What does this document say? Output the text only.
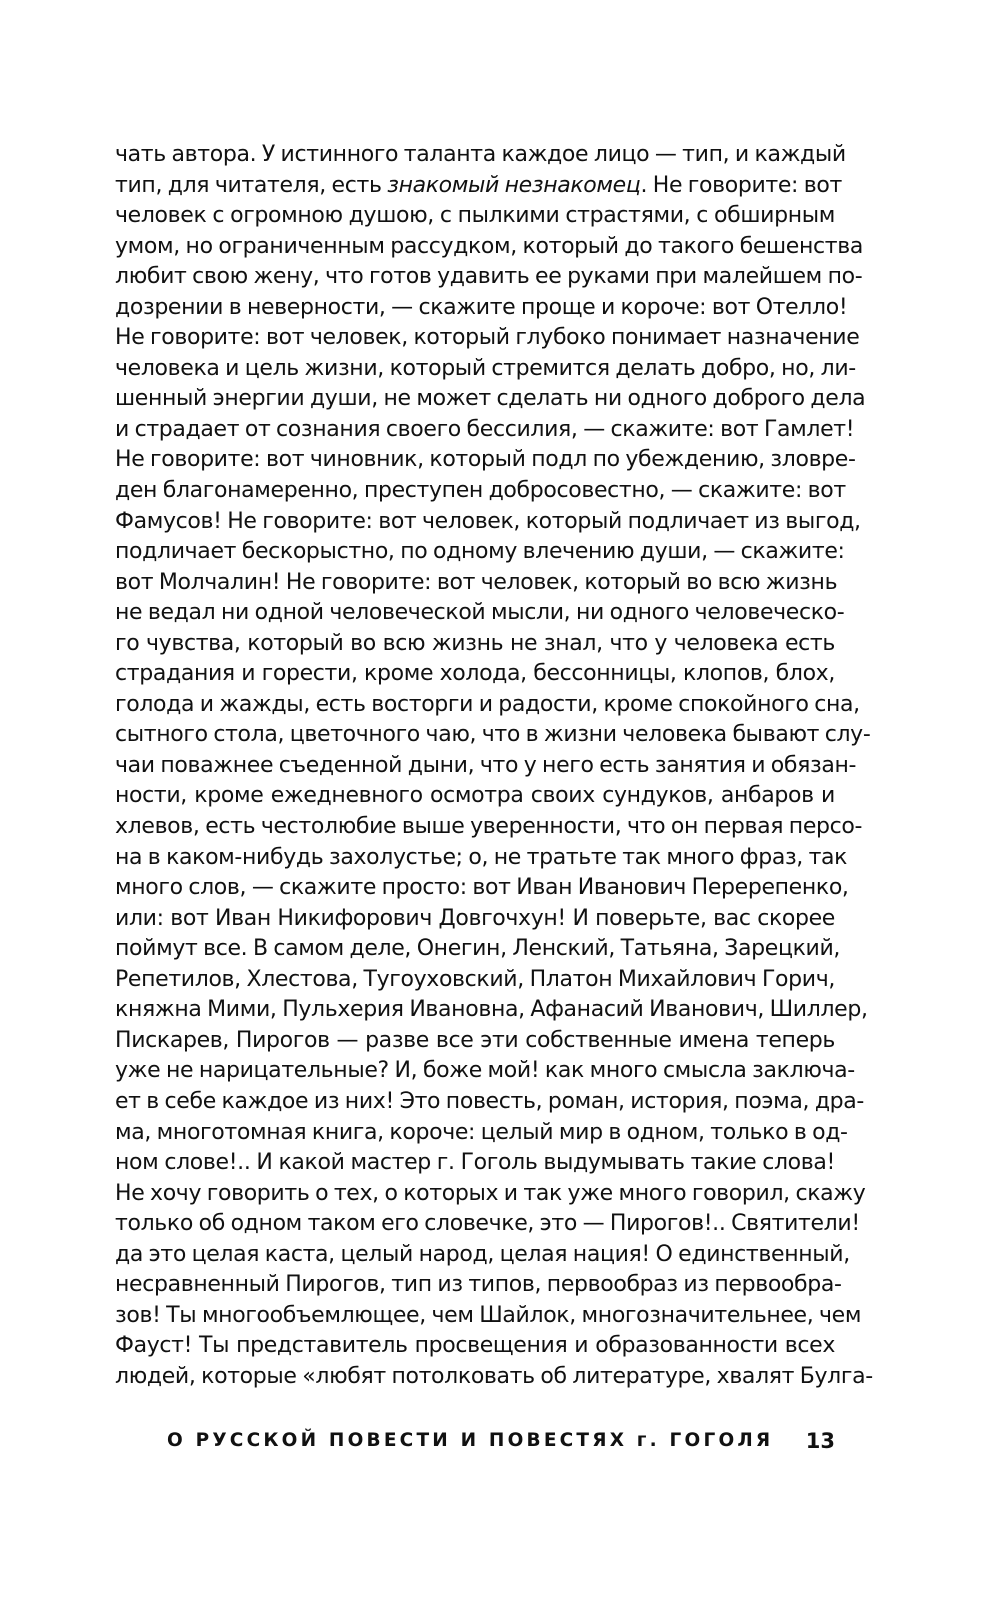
чать автора. У истинного таланта каждое лицо — тип, и каждый
тип, для читателя, есть знакомый незнакомец. Не говорите: вот
человек с огромною душою, с пылкими страстями, с обширным
умом, но ограниченным рассудком, который до такого бешенства
любит свою жену, что готов удавить ее руками при малейшем по-
дозрении в неверности, — скажите проще и короче: вот Отелло!
Не говорите: вот человек, который глубоко понимает назначение
человека и цель жизни, который стремится делать добро, но, ли-
шенный энергии души, не может сделать ни одного доброго дела
и страдает от сознания своего бессилия, — скажите: вот Гамлет!
Не говорите: вот чиновник, который подл по убеждению, зловре-
ден благонамеренно, преступен добросовестно, — скажите: вот
Фамусов! Не говорите: вот человек, который подличает из выгод,
подличает бескорыстно, по одному влечению души, — скажите:
вот Молчалин! Не говорите: вот человек, который во всю жизнь
не ведал ни одной человеческой мысли, ни одного человеческо-
го чувства, который во всю жизнь не знал, что у человека есть
страдания и горести, кроме холода, бессонницы, клопов, блох,
голода и жажды, есть восторги и радости, кроме спокойного сна,
сытного стола, цветочного чаю, что в жизни человека бывают слу-
чаи поважнее съеденной дыни, что у него есть занятия и обязан-
ности, кроме ежедневного осмотра своих сундуков, анбаров и
хлевов, есть честолюбие выше уверенности, что он первая персо-
на в каком-нибудь захолустье; о, не тратьте так много фраз, так
много слов, — скажите просто: вот Иван Иванович Перерепенко,
или: вот Иван Никифорович Довгочхун! И поверьте, вас скорее
поймут все. В самом деле, Онегин, Ленский, Татьяна, Зарецкий,
Репетилов, Хлестова, Тугоуховский, Платон Михайлович Горич,
княжна Мими, Пульхерия Ивановна, Афанасий Иванович, Шиллер,
Пискарев, Пирогов — разве все эти собственные имена теперь
уже не нарицательные? И, боже мой! как много смысла заключа-
ет в себе каждое из них! Это повесть, роман, история, поэма, дра-
ма, многотомная книга, короче: целый мир в одном, только в од-
ном слове!.. И какой мастер г. Гоголь выдумывать такие слова!
Не хочу говорить о тех, о которых и так уже много говорил, скажу
только об одном таком его словечке, это — Пирогов!.. Святители!
да это целая каста, целый народ, целая нация! О единственный,
несравненный Пирогов, тип из типов, первообраз из первообра-
зов! Ты многообъемлющее, чем Шайлок, многозначительнее, чем
Фауст! Ты представитель просвещения и образованности всех
людей, которые «любят потолковать об литературе, хвалят Булга-
О РУССКОЙ ПОВЕСТИ И ПОВЕСТЯХ г. ГОГОЛЯ 13
